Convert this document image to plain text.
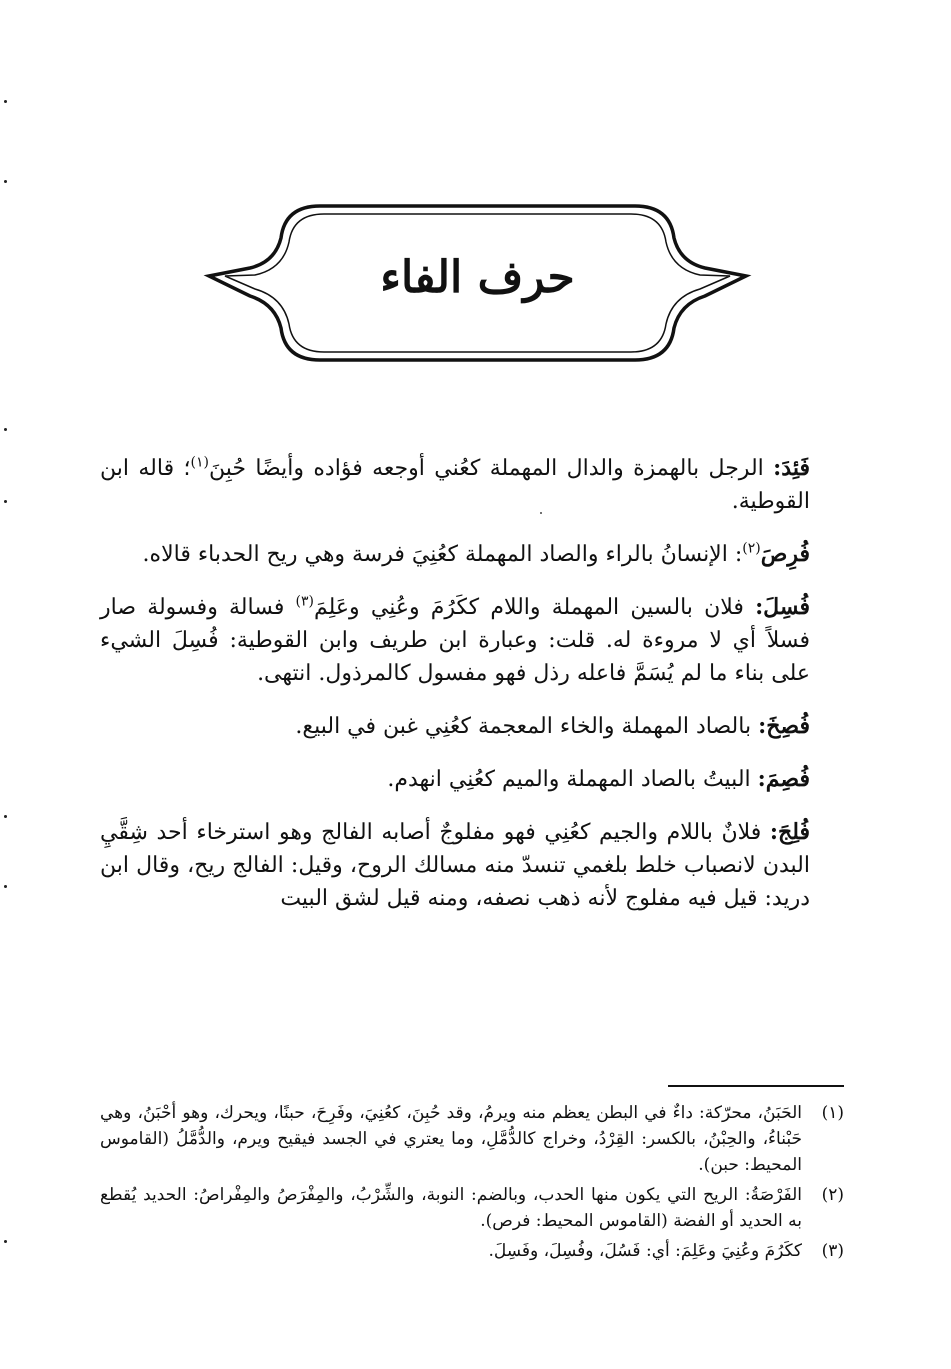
حرف الفاء

فَئِدَ: الرجل بالهمزة والدال المهملة كعُني أوجعه فؤاده وأيضًا حُبِنَ$^{(١)}$؛ قاله ابن القوطية.

فُرِصَ$^{(٢)}$: الإنسانُ بالراء والصاد المهملة كعُنِيَ فرسة وهي ريح الحدباء قالاه.

فُسِلَ: فلان بالسين المهملة واللام ككَرُمَ وعُنِي وعَلِمَ$^{(٣)}$ فسالة وفسولة صار فسلاً أي لا مروءة له. قلت: وعبارة ابن طريف وابن القوطية: فُسِلَ الشيء على بناء ما لم يُسَمَّ فاعله رذل فهو مفسول كالمرذول. انتهى.

فُصِخَ: بالصاد المهملة والخاء المعجمة كعُنِي غبن في البيع.

فُصِمَ: البيتُ بالصاد المهملة والميم كعُنِي انهدم.

فُلِجَ: فلانٌ باللام والجيم كعُنِي فهو مفلوجٌ أصابه الفالج وهو استرخاء أحد شِقَّيِ البدن لانصباب خلط بلغمي تنسدّ منه مسالك الروح، وقيل: الفالج ريح، وقال ابن دريد: قيل فيه مفلوج لأنه ذهب نصفه، ومنه قيل لشق البيت

(١)
الحَبَنُ، محرّكة: داءٌ في البطن يعظم منه ويرمُ، وقد حُبِنَ، كعُنِيَ، وفَرِحَ، حبنًا، ويحرك، وهو أحْبَنُ، وهي حَبْناءُ، والحِبْنُ، بالكسر: القِرْدُ، وخراج كالدُّمَّلِ، وما يعتري في الجسد فيقيح ويرم، والدُّمَّلُ (القاموس المحيط: حبن).
(٢)
الفَرْصَةُ: الريح التي يكون منها الحدب، وبالضم: النوبة، والشِّرْبُ، والمِفْرَصُ والمِفْراصُ: الحديد يُقطع به الحديد أو الفضة (القاموس المحيط: فرص).
(٣)
ككَرُمَ وعُنِيَ وعَلِمَ: أي: فَسُلَ، وفُسِلَ، وفَسِلَ.
